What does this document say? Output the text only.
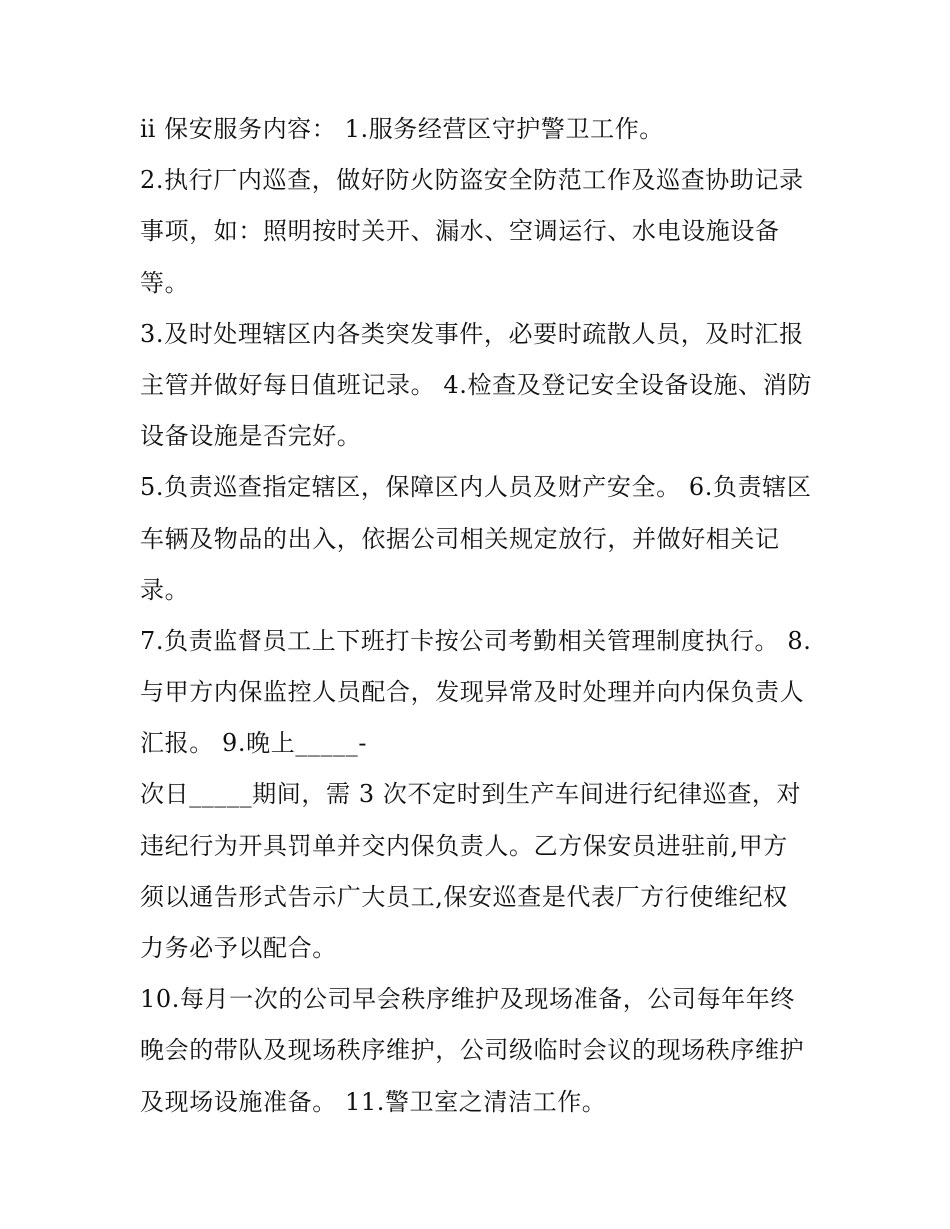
ⅱ 保安服务内容： 1.服务经营区守护警卫工作。
2.执行厂内巡查，做好防火防盗安全防范工作及巡查协助记录
事项，如：照明按时关开、漏水、空调运行、水电设施设备
等。
3.及时处理辖区内各类突发事件，必要时疏散人员，及时汇报
主管并做好每日值班记录。 4.检查及登记安全设备设施、消防
设备设施是否完好。
5.负责巡查指定辖区，保障区内人员及财产安全。 6.负责辖区
车辆及物品的出入，依据公司相关规定放行，并做好相关记
录。
7.负责监督员工上下班打卡按公司考勤相关管理制度执行。 8.
与甲方内保监控人员配合，发现异常及时处理并向内保负责人
汇报。 9.晚上_____-
次日_____期间，需 3 次不定时到生产车间进行纪律巡查，对
违纪行为开具罚单并交内保负责人。乙方保安员进驻前,甲方
须以通告形式告示广大员工,保安巡查是代表厂方行使维纪权
力务必予以配合。
10.每月一次的公司早会秩序维护及现场准备，公司每年年终
晚会的带队及现场秩序维护，公司级临时会议的现场秩序维护
及现场设施准备。 11.警卫室之清洁工作。
